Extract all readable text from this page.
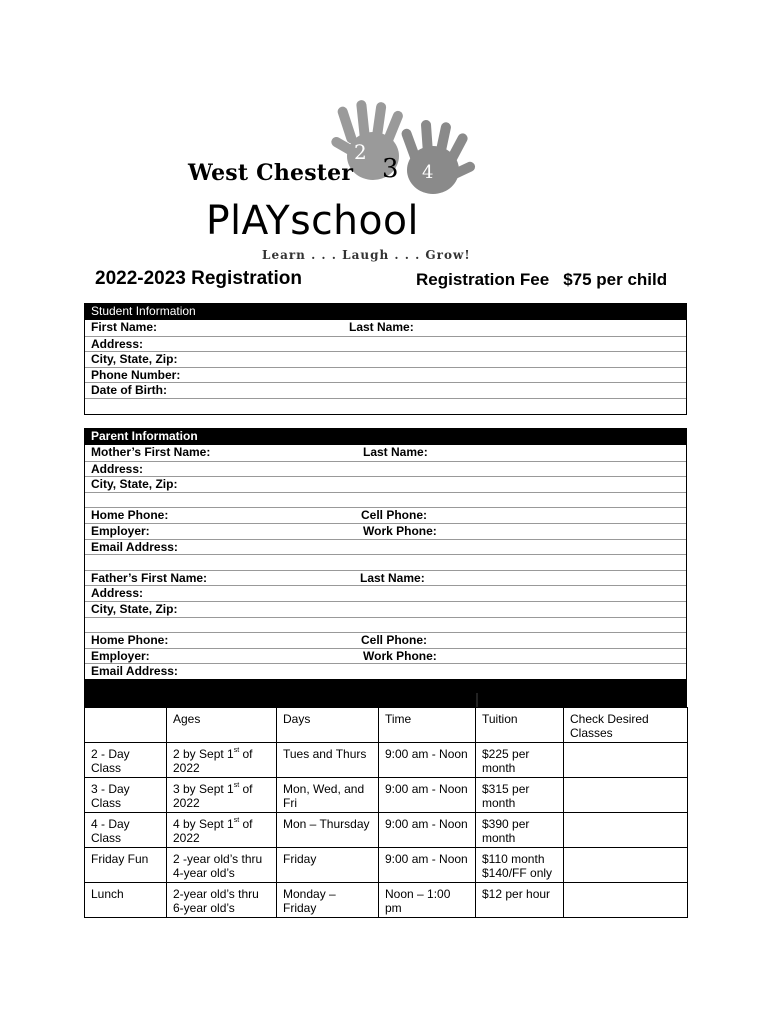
2
4
West Chester 3
PlAYschool
Learn . . . Laugh . . . Grow!
2022-2023 Registration	Registration Fee $75 per child
Student Information
First Name:	Last Name:
Address:
City, State, Zip:
Phone Number:
Date of Birth:
Parent Information
Mother’s First Name:	Last Name:
Address:
City, State, Zip:
Home Phone:	Cell Phone:
Employer:	Work Phone:
Email Address:
Father’s First Name:	Last Name:
Address:
City, State, Zip:
Home Phone:	Cell Phone:
Employer:	Work Phone:
Email Address:
	Ages	Days	Time	Tuition	Check Desired Classes
2 - Day Class	2 by Sept 1st of 2022	Tues and Thurs	9:00 am - Noon	$225 per month	
3 - Day Class	3 by Sept 1st of 2022	Mon, Wed, and Fri	9:00 am - Noon	$315 per month	
4 - Day Class	4 by Sept 1st of 2022	Mon – Thursday	9:00 am - Noon	$390 per month	
Friday Fun	2 -year old’s thru 4-year old’s	Friday	9:00 am - Noon	$110 month $140/FF only	
Lunch	2-year old’s thru 6-year old’s	Monday – Friday	Noon – 1:00 pm	$12 per hour	
